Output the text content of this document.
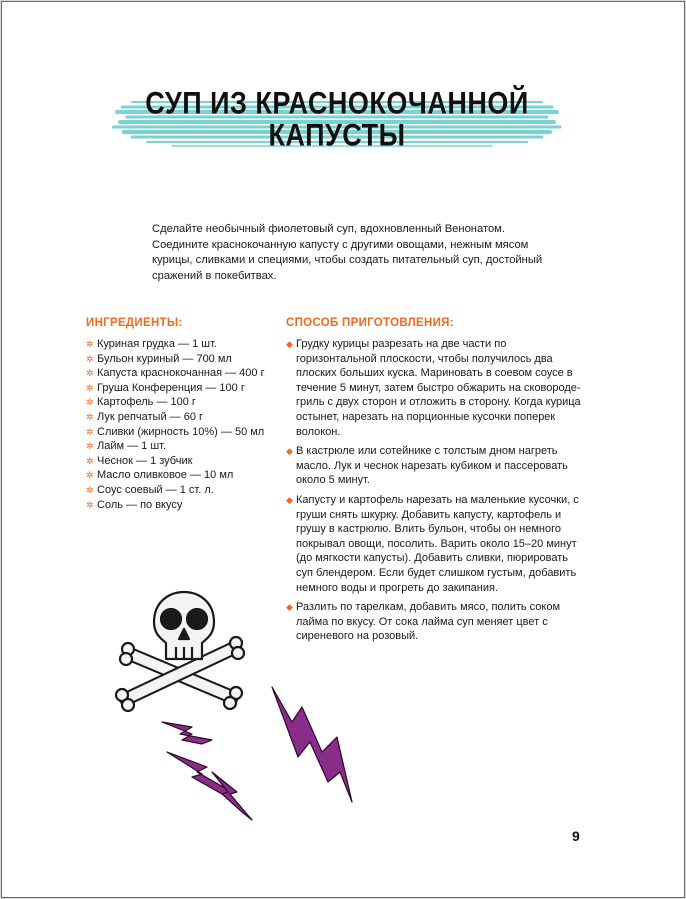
СУП ИЗ КРАСНОКОЧАННОЙ
КАПУСТЫ

Сделайте необычный фиолетовый суп, вдохновленный Венонатом.

Соедините краснокочанную капусту с другими овощами, нежным мясом

курицы, сливками и специями, чтобы создать питательный суп, достойный

сражений в покебитвах.

ИНГРЕДИЕНТЫ:	СПОСОБ ПРИГОТОВЛЕНИЯ:
✲ Куриная грудка — 1 шт.
✲ Бульон куриный — 700 мл
✲ Капуста краснокочанная — 400 г
✲ Груша Конференция — 100 г
✲ Картофель — 100 г
✲ Лук репчатый — 60 г
✲ Сливки (жирность 10%) — 50 мл
✲ Лайм — 1 шт.
✲ Чеснок — 1 зубчик
✲ Масло оливковое — 10 мл
✲ Соус соевый — 1 ст. л.
✲ Соль — по вкусу
◆ Грудку курицы разрезать на две части по горизонтальной плоскости, чтобы получилось два плоских больших куска. Мариновать в соевом соусе в течение 5 минут, затем быстро обжарить на сковороде-гриль с двух сторон и отложить в сторону. Когда курица остынет, нарезать на порционные кусочки поперек волокон.
◆ В кастрюле или сотейнике с толстым дном нагреть масло. Лук и чеснок нарезать кубиком и пассеровать около 5 минут.
◆ Капусту и картофель нарезать на маленькие кусочки, с груши снять шкурку. Добавить капусту, картофель и грушу в кастрюлю. Влить бульон, чтобы он немного покрывал овощи, посолить. Варить около 15–20 минут (до мягкости капусты). Добавить сливки, пюрировать суп блендером. Если будет слишком густым, добавить немного воды и прогреть до закипания.
◆ Разлить по тарелкам, добавить мясо, полить соком лайма по вкусу. От сока лайма суп меняет цвет с сиреневого на розовый.
9
